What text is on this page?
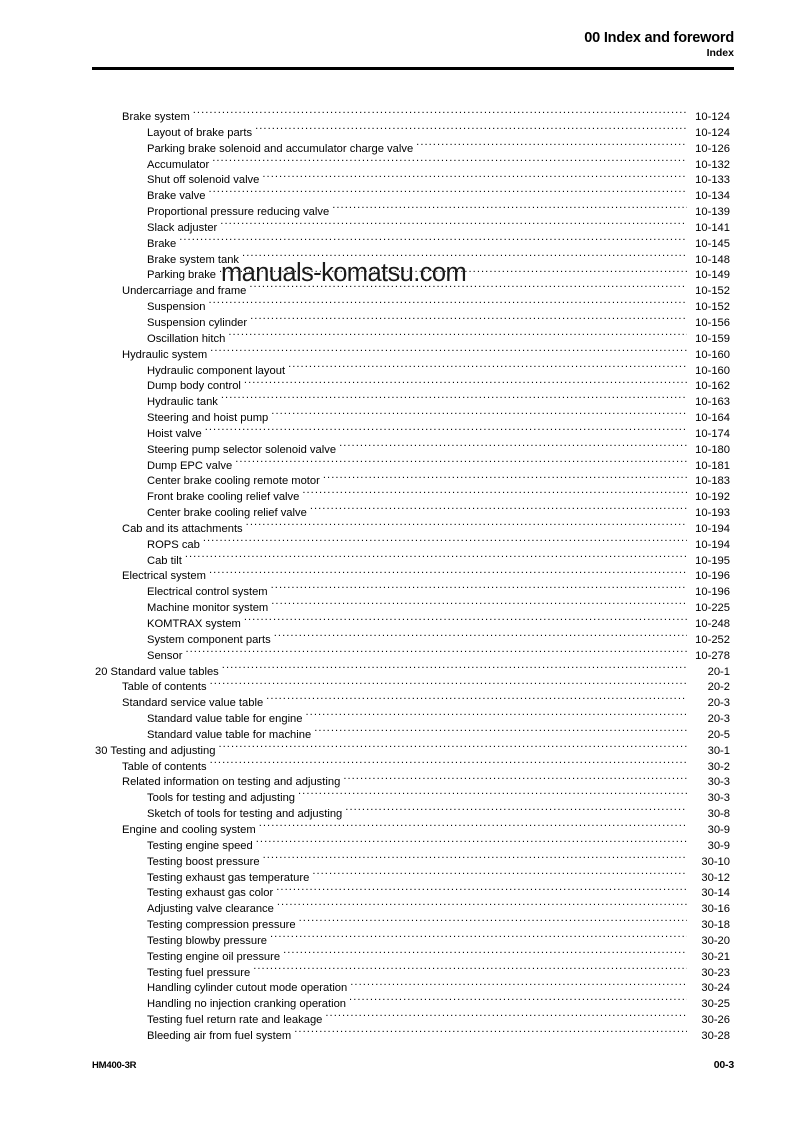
00 Index and foreword
Index
Brake system .....	10-124
Layout of brake parts .....	10-124
Parking brake solenoid and accumulator charge valve .....	10-126
Accumulator .....	10-132
Shut off solenoid valve .....	10-133
Brake valve .....	10-134
Proportional pressure reducing valve .....	10-139
Slack adjuster .....	10-141
Brake .....	10-145
Brake system tank .....	10-148
Parking brake .....	10-149
Undercarriage and frame .....	10-152
Suspension .....	10-152
Suspension cylinder .....	10-156
Oscillation hitch .....	10-159
Hydraulic system .....	10-160
Hydraulic component layout .....	10-160
Dump body control .....	10-162
Hydraulic tank .....	10-163
Steering and hoist pump .....	10-164
Hoist valve .....	10-174
Steering pump selector solenoid valve .....	10-180
Dump EPC valve .....	10-181
Center brake cooling remote motor .....	10-183
Front brake cooling relief valve .....	10-192
Center brake cooling relief valve .....	10-193
Cab and its attachments .....	10-194
ROPS cab .....	10-194
Cab tilt .....	10-195
Electrical system .....	10-196
Electrical control system .....	10-196
Machine monitor system .....	10-225
KOMTRAX system .....	10-248
System component parts .....	10-252
Sensor .....	10-278
20 Standard value tables .....	20-1
Table of contents .....	20-2
Standard service value table .....	20-3
Standard value table for engine .....	20-3
Standard value table for machine .....	20-5
30 Testing and adjusting .....	30-1
Table of contents .....	30-2
Related information on testing and adjusting .....	30-3
Tools for testing and adjusting .....	30-3
Sketch of tools for testing and adjusting .....	30-8
Engine and cooling system .....	30-9
Testing engine speed .....	30-9
Testing boost pressure .....	30-10
Testing exhaust gas temperature .....	30-12
Testing exhaust gas color .....	30-14
Adjusting valve clearance .....	30-16
Testing compression pressure .....	30-18
Testing blowby pressure .....	30-20
Testing engine oil pressure .....	30-21
Testing fuel pressure .....	30-23
Handling cylinder cutout mode operation .....	30-24
Handling no injection cranking operation .....	30-25
Testing fuel return rate and leakage .....	30-26
Bleeding air from fuel system .....	30-28
manuals-komatsu.com
HM400-3R	00-3
